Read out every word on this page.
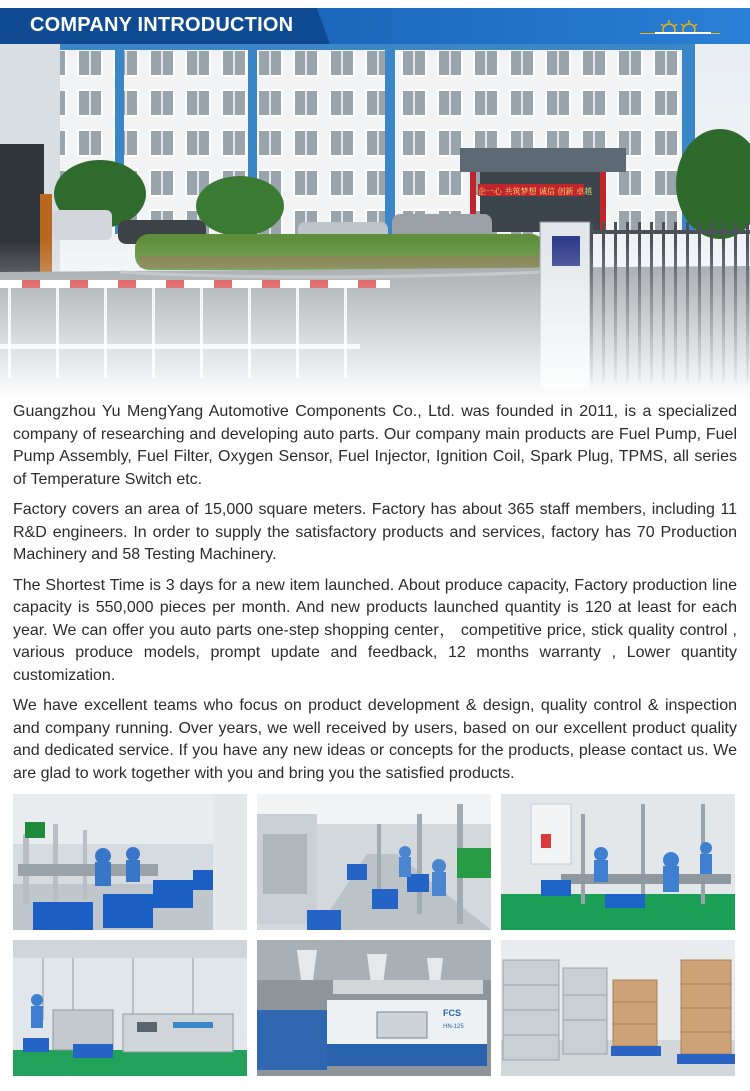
COMPANY INTRODUCTION

Guangzhou Yu MengYang Automotive Components Co., Ltd. was founded in 2011, is a specialized company of researching and developing auto parts. Our company main products are Fuel Pump, Fuel Pump Assembly, Fuel Filter, Oxygen Sensor, Fuel Injector, Ignition Coil, Spark Plug, TPMS, all series of Temperature Switch etc.

Factory covers an area of 15,000 square meters. Factory has about 365 staff members, including 11 R&D engineers. In order to supply the satisfactory products and services, factory has 70 Production Machinery and 58 Testing Machinery.

The Shortest Time is 3 days for a new item launched. About produce capacity, Factory production line capacity is 550,000 pieces per month. And new products launched quantity is 120 at least for each year. We can offer you auto parts one-step shopping center， competitive price, stick quality control , various produce models, prompt update and feedback, 12 months warranty , Lower quantity customization.

We have excellent teams who focus on product development & design, quality control & inspection and company running. Over years, we well received by users, based on our excellent product quality and dedicated service. If you have any new ideas or concepts for the products, please contact us. We are glad to work together with you and bring you the satisfied products.

FCS
HN-125
